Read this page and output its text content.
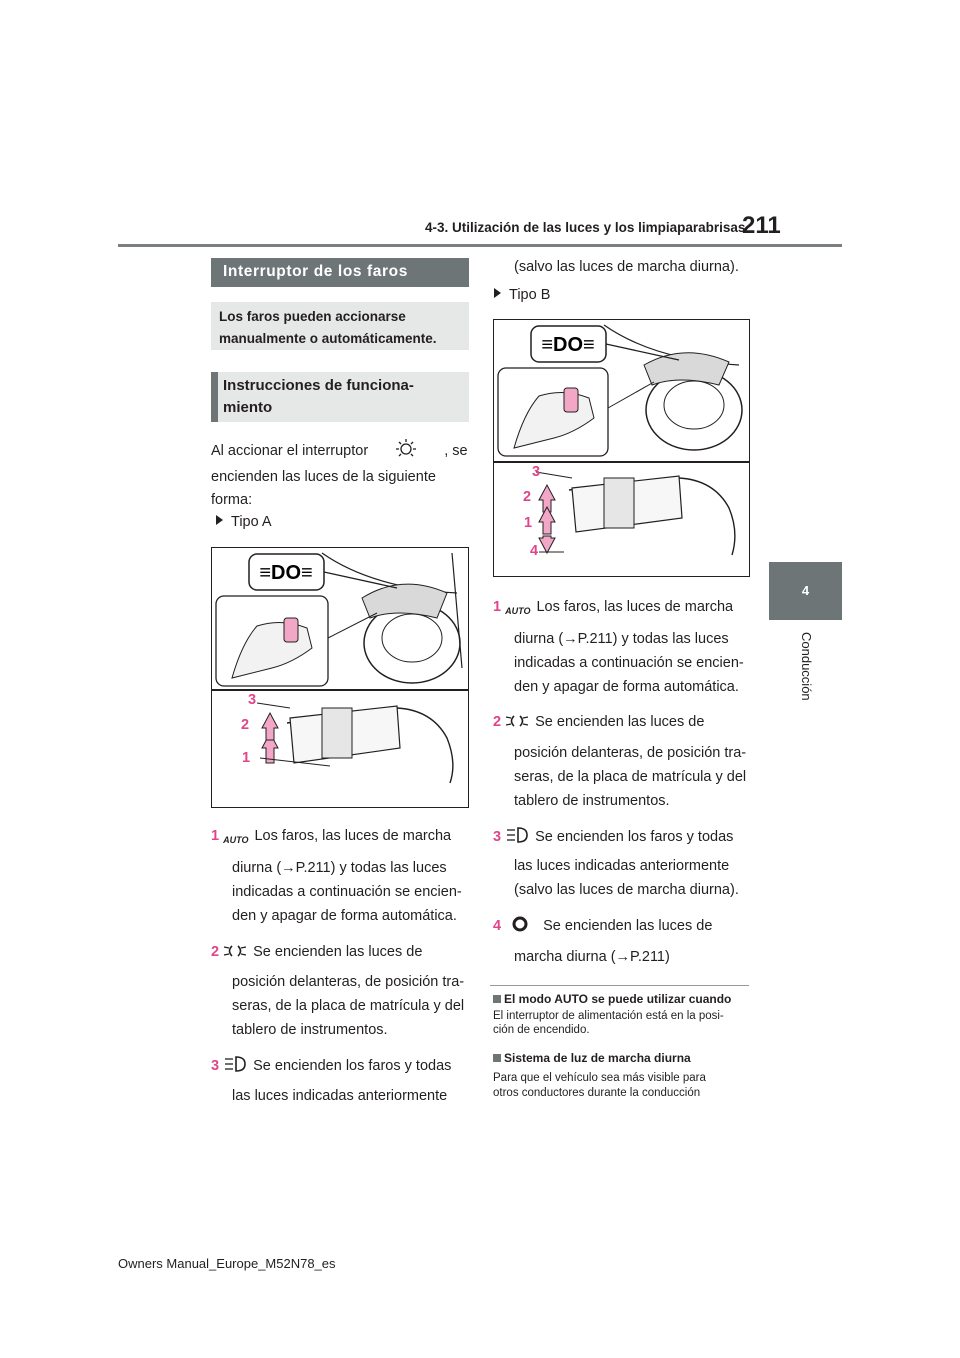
4-3. Utilización de las luces y los limpiaparabrisas
211
4
Conducción
Interruptor de los faros
Los faros pueden accionarse manualmente o automáticamente.
Instrucciones de funciona-miento
Al accionar el interruptor	, se
encienden las luces de la siguiente
forma:
Tipo A
≡DO≡
3
2
1
1 AUTO Los faros, las luces de marcha
diurna (→P.211) y todas las luces
indicadas a continuación se encien-
den y apagar de forma automática.
2 Se encienden las luces de
posición delanteras, de posición tra-
seras, de la placa de matrícula y del
tablero de instrumentos.
3 Se encienden los faros y todas
las luces indicadas anteriormente
(salvo las luces de marcha diurna).
Tipo B
≡DO≡
3
2
1
4
1 AUTO Los faros, las luces de marcha
diurna (→P.211) y todas las luces
indicadas a continuación se encien-
den y apagar de forma automática.
2 Se encienden las luces de
posición delanteras, de posición tra-
seras, de la placa de matrícula y del
tablero de instrumentos.
3 Se encienden los faros y todas
las luces indicadas anteriormente
(salvo las luces de marcha diurna).
4	Se encienden las luces de
marcha diurna (→P.211)
El modo AUTO se puede utilizar cuando
El interruptor de alimentación está en la posi-
ción de encendido.
Sistema de luz de marcha diurna
Para que el vehículo sea más visible para
otros conductores durante la conducción
Owners Manual_Europe_M52N78_es
